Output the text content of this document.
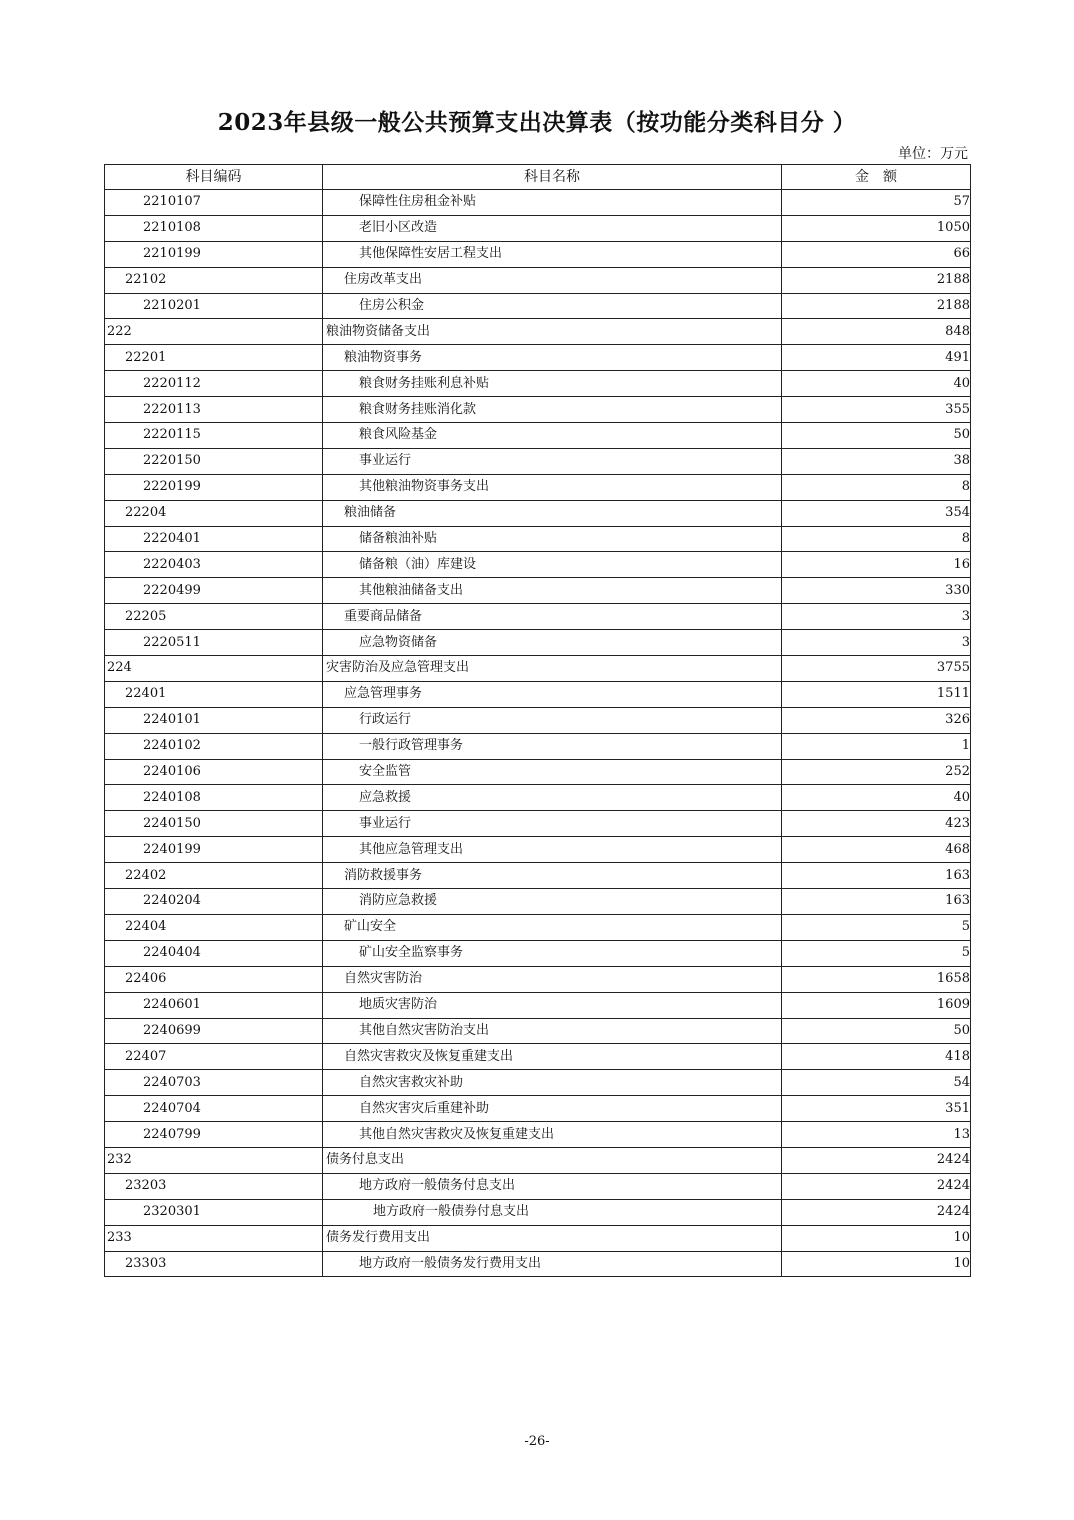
2023年县级一般公共预算支出决算表（按功能分类科目分 ）
单位：万元
科目编码	科目名称	金　额
2210107	保障性住房租金补贴	57
2210108	老旧小区改造	1050
2210199	其他保障性安居工程支出	66
22102	住房改革支出	2188
2210201	住房公积金	2188
222	粮油物资储备支出	848
22201	粮油物资事务	491
2220112	粮食财务挂账利息补贴	40
2220113	粮食财务挂账消化款	355
2220115	粮食风险基金	50
2220150	事业运行	38
2220199	其他粮油物资事务支出	8
22204	粮油储备	354
2220401	储备粮油补贴	8
2220403	储备粮（油）库建设	16
2220499	其他粮油储备支出	330
22205	重要商品储备	3
2220511	应急物资储备	3
224	灾害防治及应急管理支出	3755
22401	应急管理事务	1511
2240101	行政运行	326
2240102	一般行政管理事务	1
2240106	安全监管	252
2240108	应急救援	40
2240150	事业运行	423
2240199	其他应急管理支出	468
22402	消防救援事务	163
2240204	消防应急救援	163
22404	矿山安全	5
2240404	矿山安全监察事务	5
22406	自然灾害防治	1658
2240601	地质灾害防治	1609
2240699	其他自然灾害防治支出	50
22407	自然灾害救灾及恢复重建支出	418
2240703	自然灾害救灾补助	54
2240704	自然灾害灾后重建补助	351
2240799	其他自然灾害救灾及恢复重建支出	13
232	债务付息支出	2424
23203	地方政府一般债务付息支出	2424
2320301	地方政府一般债券付息支出	2424
233	债务发行费用支出	10
23303	地方政府一般债务发行费用支出	10
-26-
